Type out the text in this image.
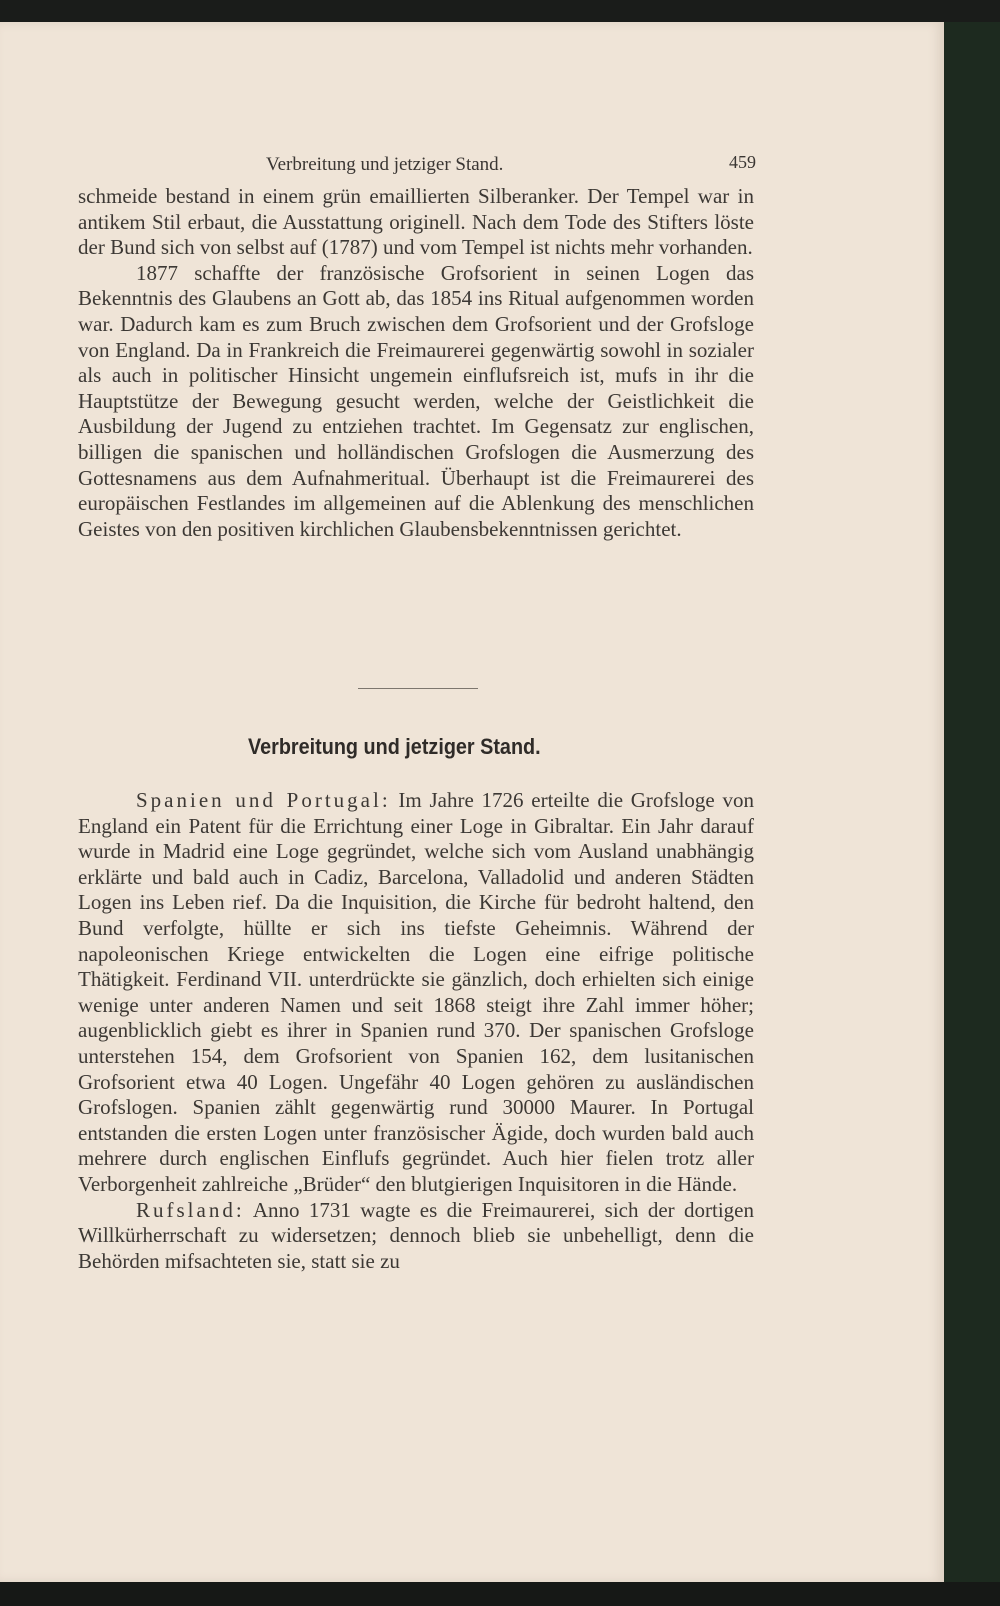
Verbreitung und jetziger Stand.	459

schmeide bestand in einem grün emaillierten Silberanker. Der Tempel war in antikem Stil erbaut, die Ausstattung originell. Nach dem Tode des Stifters löste der Bund sich von selbst auf (1787) und vom Tempel ist nichts mehr vorhanden.

1877 schaffte der französische Grofsorient in seinen Logen das Bekenntnis des Glaubens an Gott ab, das 1854 ins Ritual aufgenommen worden war. Dadurch kam es zum Bruch zwischen dem Grofsorient und der Grofsloge von England. Da in Frankreich die Freimaurerei gegenwärtig sowohl in sozialer als auch in politischer Hinsicht ungemein einflufsreich ist, mufs in ihr die Hauptstütze der Bewegung gesucht werden, welche der Geistlichkeit die Ausbildung der Jugend zu entziehen trachtet. Im Gegensatz zur englischen, billigen die spanischen und holländischen Grofslogen die Ausmerzung des Gottesnamens aus dem Aufnahmeritual. Überhaupt ist die Freimaurerei des europäischen Festlandes im allgemeinen auf die Ablenkung des menschlichen Geistes von den positiven kirchlichen Glaubensbekenntnissen gerichtet.

Verbreitung und jetziger Stand.

Spanien und Portugal: Im Jahre 1726 erteilte die Grofsloge von England ein Patent für die Errichtung einer Loge in Gibraltar. Ein Jahr darauf wurde in Madrid eine Loge gegründet, welche sich vom Ausland unabhängig erklärte und bald auch in Cadiz, Barcelona, Valladolid und anderen Städten Logen ins Leben rief. Da die Inquisition, die Kirche für bedroht haltend, den Bund verfolgte, hüllte er sich ins tiefste Geheimnis. Während der napoleonischen Kriege entwickelten die Logen eine eifrige politische Thätigkeit. Ferdinand VII. unterdrückte sie gänzlich, doch erhielten sich einige wenige unter anderen Namen und seit 1868 steigt ihre Zahl immer höher; augenblicklich giebt es ihrer in Spanien rund 370. Der spanischen Grofsloge unterstehen 154, dem Grofsorient von Spanien 162, dem lusitanischen Grofsorient etwa 40 Logen. Ungefähr 40 Logen gehören zu ausländischen Grofslogen. Spanien zählt gegenwärtig rund 30000 Maurer. In Portugal entstanden die ersten Logen unter französischer Ägide, doch wurden bald auch mehrere durch englischen Einflufs gegründet. Auch hier fielen trotz aller Verborgenheit zahlreiche „Brüder“ den blutgierigen Inquisitoren in die Hände.

Rufsland: Anno 1731 wagte es die Freimaurerei, sich der dortigen Willkürherrschaft zu widersetzen; dennoch blieb sie unbehelligt, denn die Behörden mifsachteten sie, statt sie zu
